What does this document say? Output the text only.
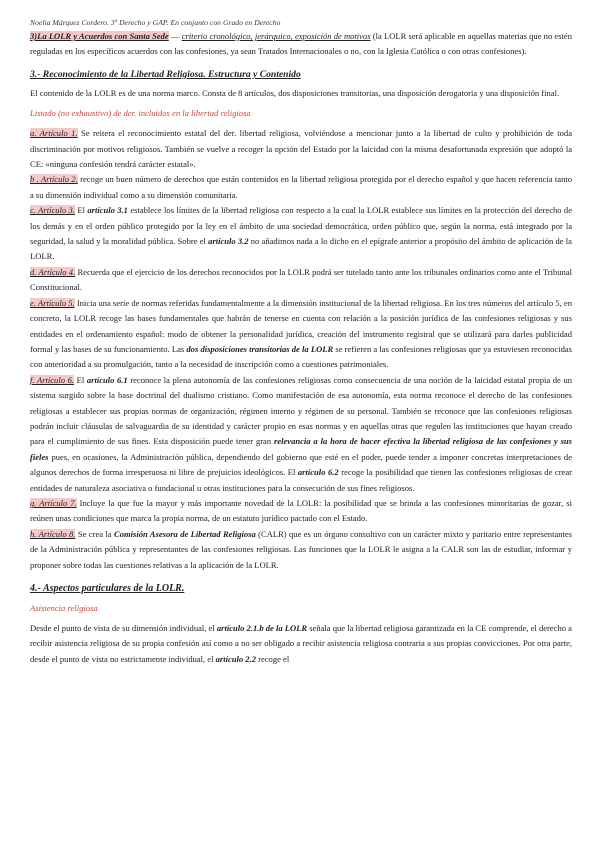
Noelia Márquez Cordero. 3º Derecho y GAP. En conjunto con Grado en Derecho

3)La LOLR y Acuerdos con Santa Sede — criterio cronológico, jerárquico, exposición de motivos (la LOLR será aplicable en aquellas materias que no estén reguladas en los específicos acuerdos con las confesiones, ya sean Tratados Internacionales o no, con la Iglesia Católica o con otras confesiones).

3.- Reconocimiento de la Libertad Religiosa. Estructura y Contenido

El contenido de la LOLR es de una norma marco. Consta de 8 artículos, dos disposiciones transitorias, una disposición derogatoria y una disposición final.

Listado (no exhaustivo) de der. incluidos en la libertad religiosa

a. Artículo 1. Se reitera el reconocimiento estatal del der. libertad religiosa, volviéndose a mencionar junto a la libertad de culto y prohibición de toda discriminación por motivos religiosos. También se vuelve a recoger la opción del Estado por la laicidad con la misma desafortunada expresión que adoptó la CE: «ninguna confesión tendrá carácter estatal».

b . Artículo 2. recoge un buen número de derechos que están contenidos en la libertad religiosa protegida por el derecho español y que hacen referencia tanto a su dimensión individual como a su dimensión comunitaria.

c. Artículo 3. El artículo 3.1 establece los límites de la libertad religiosa con respecto a la cual la LOLR establece sus límites en la protección del derecho de los demás y en el orden público protegido por la ley en el ámbito de una sociedad democrática, orden público que, según la norma, está integrado por la seguridad, la salud y la moralidad pública. Sobre el artículo 3.2 no añadimos nada a lo dicho en el epígrafe anterior a propósito del ámbito de aplicación de la LOLR.

d. Artículo 4. Recuerda que el ejercicio de los derechos reconocidos por la LOLR podrá ser tutelado tanto ante los tribunales ordinarios como ante el Tribunal Constitucional.

e. Artículo 5. Inicia una serie de normas referidas fundamentalmente a la dimensión institucional de la libertad religiosa. En los tres números del artículo 5, en concreto, la LOLR recoge las bases fundamentales que habrán de tenerse en cuenta con relación a la posición jurídica de las confesiones religiosas y sus entidades en el ordenamiento español: modo de obtener la personalidad jurídica, creación del instrumento registral que se utilizará para darles publicidad formal y las bases de su funcionamiento. Las dos disposiciones transitorias de la LOLR se refieren a las confesiones religiosas que ya estuviesen reconocidas con anterioridad a su promulgación, tanto a la necesidad de inscripción como a cuestiones patrimoniales.

f. Artículo 6. El artículo 6.1 reconoce la plena autonomía de las confesiones religiosas como consecuencia de una noción de la laicidad estatal propia de un sistema surgido sobre la base doctrinal del dualismo cristiano. Como manifestación de esa autonomía, esta norma reconoce el derecho de las confesiones religiosas a establecer sus propias normas de organización, régimen interno y régimen de su personal. También se reconoce que las confesiones religiosas podrán incluir cláusulas de salvaguardia de su identidad y carácter propio en esas normas y en aquellas otras que regulen las instituciones que hayan creado para el cumplimiento de sus fines. Esta disposición puede tener gran relevancia a la hora de hacer efectiva la libertad religiosa de las confesiones y sus fieles pues, en ocasiones, la Administración pública, dependiendo del gobierno que esté en el poder, puede tender a imponer concretas interpretaciones de algunos derechos de forma irrespetuosa ni libre de prejuicios ideológicos. El artículo 6.2 recoge la posibilidad que tienen las confesiones religiosas de crear entidades de naturaleza asociativa o fundacional u otras instituciones para la consecución de sus fines religiosos.

g. Artículo 7. Incluye la que fue la mayor y más importante novedad de la LOLR: la posibilidad que se brinda a las confesiones minoritarias de gozar, si reúnen unas condiciones que marca la propia norma, de un estatuto jurídico pactado con el Estado.

h. Artículo 8. Se crea la Comisión Asesora de Libertad Religiosa (CALR) que es un órgano consultivo con un carácter mixto y paritario entre representantes de la Administración pública y representantes de las confesiones religiosas. Las funciones que la LOLR le asigna a la CALR son las de estudiar, informar y proponer sobre todas las cuestiones relativas a la aplicación de la LOLR.

4.- Aspectos particulares de la LOLR.
Asistencia religiosa

Desde el punto de vista de su dimensión individual, el artículo 2.1.b de la LOLR señala que la libertad religiosa garantizada en la CE comprende, el derecho a recibir asistencia religiosa de su propia confesión así como a no ser obligado a recibir asistencia religiosa contraria a sus propias convicciones. Por otra parte, desde el punto de vista no estrictamente individual, el artículo 2.2 recoge el
